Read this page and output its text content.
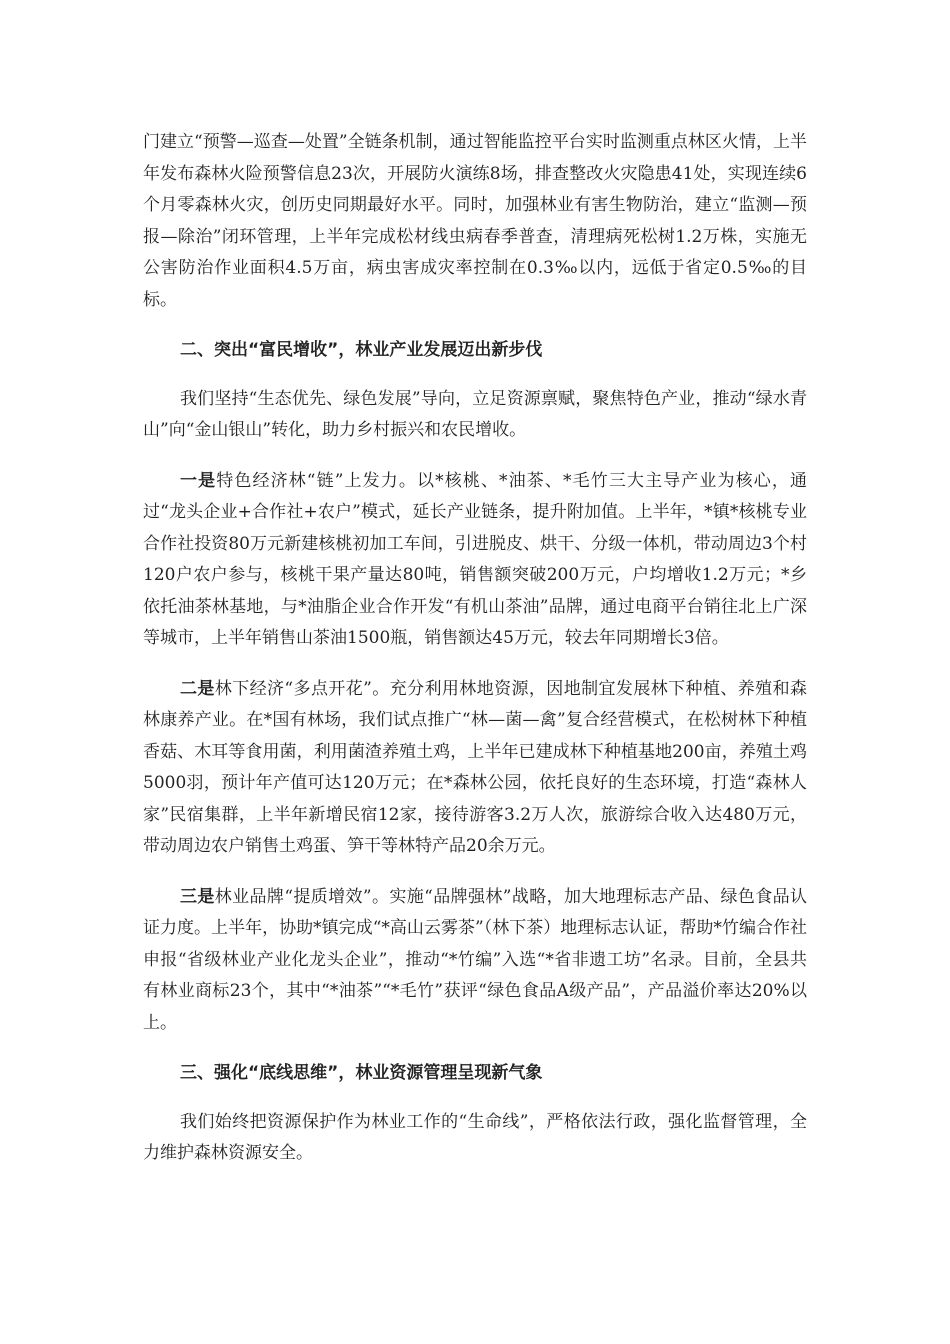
门建立“预警—巡查—处置”全链条机制，通过智能监控平台实时监测重点林区火情，上半年发布森林火险预警信息23次，开展防火演练8场，排查整改火灾隐患41处，实现连续6个月零森林火灾，创历史同期最好水平。同时，加强林业有害生物防治，建立“监测—预报—除治”闭环管理，上半年完成松材线虫病春季普查，清理病死松树1.2万株，实施无公害防治作业面积4.5万亩，病虫害成灾率控制在0.3‰以内，远低于省定0.5‰的目标。

二、突出“富民增收”，林业产业发展迈出新步伐

我们坚持“生态优先、绿色发展”导向，立足资源禀赋，聚焦特色产业，推动“绿水青山”向“金山银山”转化，助力乡村振兴和农民增收。

一是特色经济林“链”上发力。以*核桃、*油茶、*毛竹三大主导产业为核心，通过“龙头企业+合作社+农户”模式，延长产业链条，提升附加值。上半年，*镇*核桃专业合作社投资80万元新建核桃初加工车间，引进脱皮、烘干、分级一体机，带动周边3个村120户农户参与，核桃干果产量达80吨，销售额突破200万元，户均增收1.2万元；*乡依托油茶林基地，与*油脂企业合作开发“有机山茶油”品牌，通过电商平台销往北上广深等城市，上半年销售山茶油1500瓶，销售额达45万元，较去年同期增长3倍。

二是林下经济“多点开花”。充分利用林地资源，因地制宜发展林下种植、养殖和森林康养产业。在*国有林场，我们试点推广“林—菌—禽”复合经营模式，在松树林下种植香菇、木耳等食用菌，利用菌渣养殖土鸡，上半年已建成林下种植基地200亩，养殖土鸡5000羽，预计年产值可达120万元；在*森林公园，依托良好的生态环境，打造“森林人家”民宿集群，上半年新增民宿12家，接待游客3.2万人次，旅游综合收入达480万元，带动周边农户销售土鸡蛋、笋干等林特产品20余万元。

三是林业品牌“提质增效”。实施“品牌强林”战略，加大地理标志产品、绿色食品认证力度。上半年，协助*镇完成“*高山云雾茶”（林下茶）地理标志认证，帮助*竹编合作社申报“省级林业产业化龙头企业”，推动“*竹编”入选“*省非遗工坊”名录。目前，全县共有林业商标23个，其中“*油茶”“*毛竹”获评“绿色食品A级产品”，产品溢价率达20%以上。

三、强化“底线思维”，林业资源管理呈现新气象

我们始终把资源保护作为林业工作的“生命线”，严格依法行政，强化监督管理，全力维护森林资源安全。
